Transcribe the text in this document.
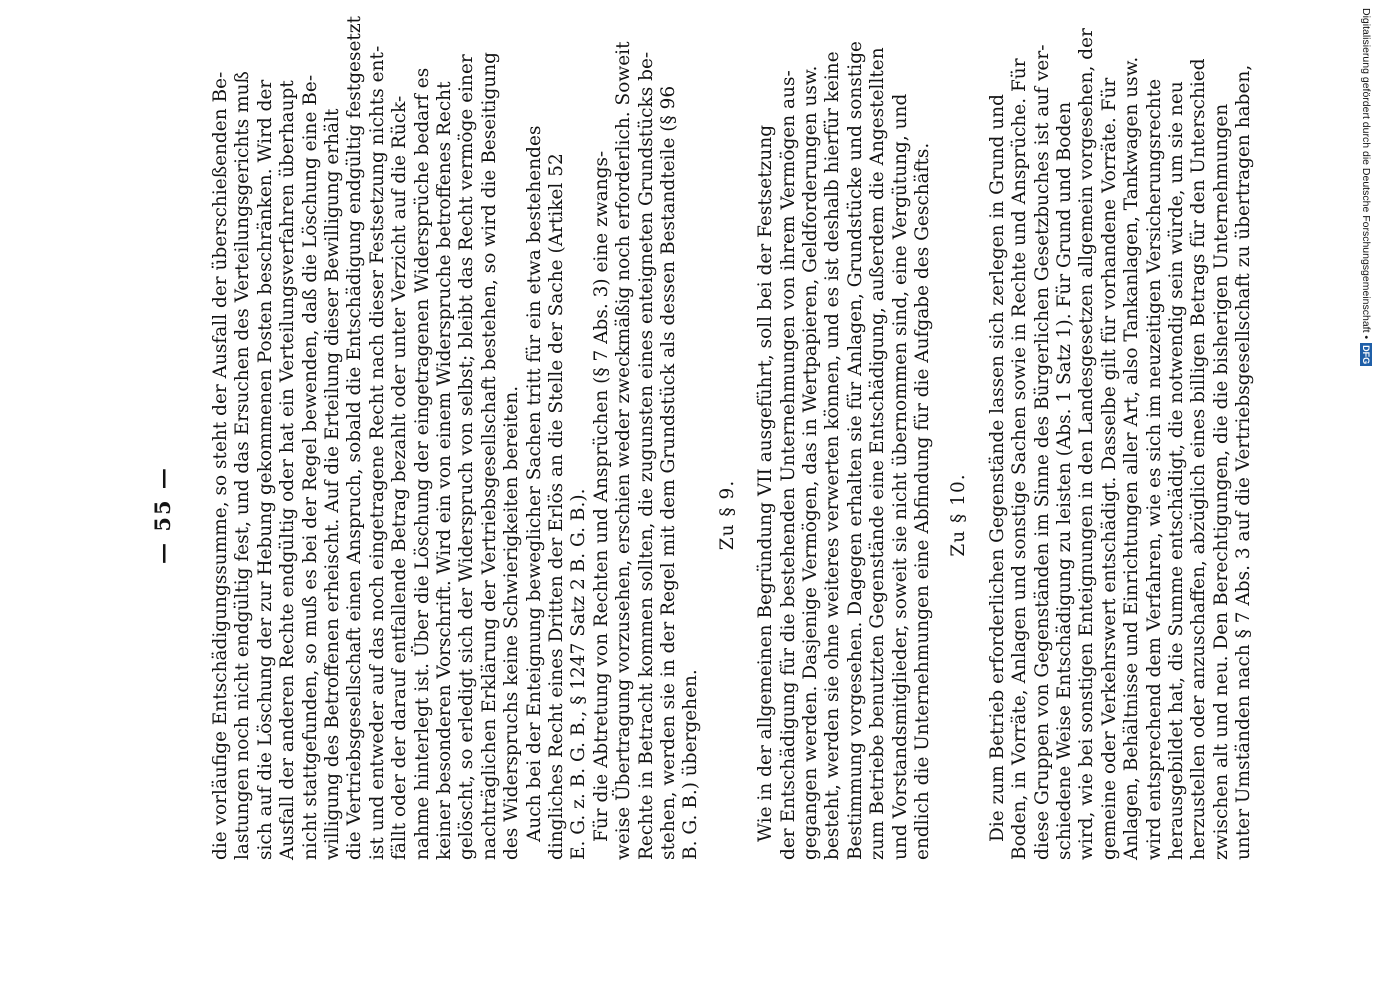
— 55 — die vorläufige Entschädigungssumme, so steht der Ausfall der überschießenden Be- lastungen noch nicht endgültig fest, und das Ersuchen des Verteilungsgerichts muß sich auf die Löschung der zur Hebung gekommenen Posten beschränken. Wird der Ausfall der anderen Rechte endgültig oder hat ein Verteilungsverfahren überhaupt nicht stattgefunden, so muß es bei der Regel bewenden, daß die Löschung eine Be- willigung des Betroffenen erheischt. Auf die Erteilung dieser Bewilligung erhält die Vertriebsgesellschaft einen Anspruch, sobald die Entschädigung endgültig festgesetzt ist und entweder auf das noch eingetragene Recht nach dieser Festsetzung nichts ent- fällt oder der darauf entfallende Betrag bezahlt oder unter Verzicht auf die Rück- nahme hinterlegt ist. Über die Löschung der eingetragenen Widersprüche bedarf es keiner besonderen Vorschrift. Wird ein von einem Widerspruche betroffenes Recht gelöscht, so erledigt sich der Widerspruch von selbst; bleibt das Recht vermöge einer nachträglichen Erklärung der Vertriebsgesellschaft bestehen, so wird die Beseitigung des Widerspruchs keine Schwierigkeiten bereiten. Auch bei der Enteignung beweglicher Sachen tritt für ein etwa bestehendes dingliches Recht eines Dritten der Erlös an die Stelle der Sache (Artikel 52 E. G. z. B. G. B., § 1247 Satz 2 B. G. B.). Für die Abtretung von Rechten und Ansprüchen (§ 7 Abs. 3) eine zwangs- weise Übertragung vorzusehen, erschien weder zweckmäßig noch erforderlich. Soweit Rechte in Betracht kommen sollten, die zugunsten eines enteigneten Grundstücks be- stehen, werden sie in der Regel mit dem Grundstück als dessen Bestandteile (§ 96 B. G. B.) übergehen.
Zu § 9. Wie in der allgemeinen Begründung VII ausgeführt, soll bei der Festsetzung der Entschädigung für die bestehenden Unternehmungen von ihrem Vermögen aus- gegangen werden. Dasjenige Vermögen, das in Wertpapieren, Geldforderungen usw. besteht, werden sie ohne weiteres verwerten können, und es ist deshalb hierfür keine Bestimmung vorgesehen. Dagegen erhalten sie für Anlagen, Grundstücke und sonstige zum Betriebe benutzten Gegenstände eine Entschädigung, außerdem die Angestellten und Vorstandsmitglieder, soweit sie nicht übernommen sind, eine Vergütung, und endlich die Unternehmungen eine Abfindung für die Aufgabe des Geschäfts. Zu § 10. Die zum Betrieb erforderlichen Gegenstände lassen sich zerlegen in Grund und Boden, in Vorräte, Anlagen und sonstige Sachen sowie in Rechte und Ansprüche. Für diese Gruppen von Gegenständen im Sinne des Bürgerlichen Gesetzbuches ist auf ver- schiedene Weise Entschädigung zu leisten (Abs. 1 Satz 1). Für Grund und Boden wird, wie bei sonstigen Enteignungen in den Landesgesetzen allgemein vorgesehen, der gemeine oder Verkehrswert entschädigt. Dasselbe gilt für vorhandene Vorräte. Für Anlagen, Behältnisse und Einrichtungen aller Art, also Tankanlagen, Tankwagen usw. wird entsprechend dem Verfahren, wie es sich im neuzeitigen Versicherungsrechte herausgebildet hat, die Summe entschädigt, die notwendig sein würde, um sie neu herzustellen oder anzuschaffen, abzüglich eines billigen Betrags für den Unterschied zwischen alt und neu. Den Berechtigungen, die die bisherigen Unternehmungen unter Umständen nach § 7 Abs. 3 auf die Vertriebsgesellschaft zu übertragen haben,	Digitalisierung gefördert durch die Deutsche Forschungsgemeinschaft •
DFG
